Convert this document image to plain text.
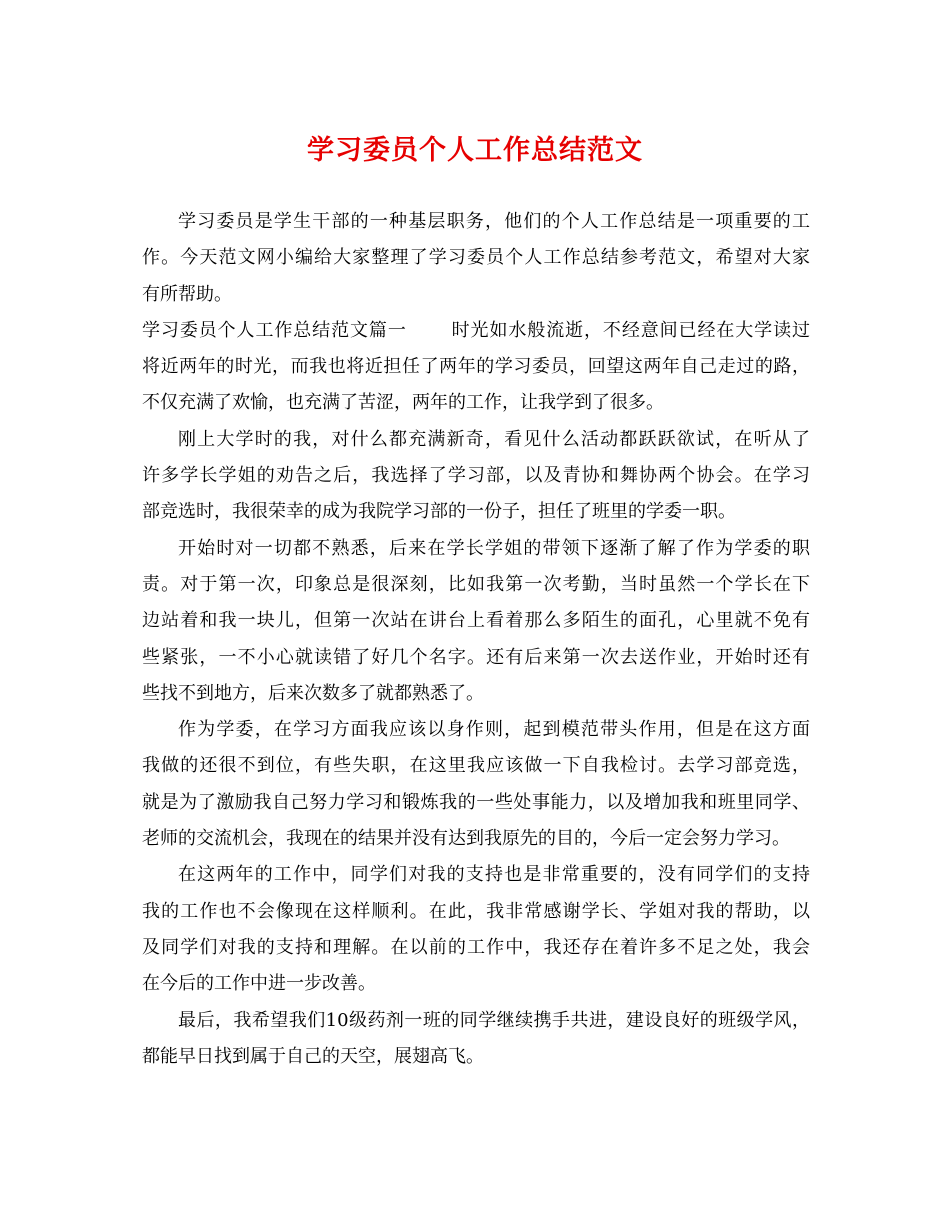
学习委员个人工作总结范文
学习委员是学生干部的一种基层职务，他们的个人工作总结是一项重要的工
作。今天范文网小编给大家整理了学习委员个人工作总结参考范文，希望对大家
有所帮助。
学习委员个人工作总结范文篇一 时光如水般流逝，不经意间已经在大学读过
将近两年的时光，而我也将近担任了两年的学习委员，回望这两年自己走过的路，
不仅充满了欢愉，也充满了苦涩，两年的工作，让我学到了很多。
刚上大学时的我，对什么都充满新奇，看见什么活动都跃跃欲试，在听从了
许多学长学姐的劝告之后，我选择了学习部，以及青协和舞协两个协会。在学习
部竞选时，我很荣幸的成为我院学习部的一份子，担任了班里的学委一职。
开始时对一切都不熟悉，后来在学长学姐的带领下逐渐了解了作为学委的职
责。对于第一次，印象总是很深刻，比如我第一次考勤，当时虽然一个学长在下
边站着和我一块儿，但第一次站在讲台上看着那么多陌生的面孔，心里就不免有
些紧张，一不小心就读错了好几个名字。还有后来第一次去送作业，开始时还有
些找不到地方，后来次数多了就都熟悉了。
作为学委，在学习方面我应该以身作则，起到模范带头作用，但是在这方面
我做的还很不到位，有些失职，在这里我应该做一下自我检讨。去学习部竞选，
就是为了激励我自己努力学习和锻炼我的一些处事能力，以及增加我和班里同学、
老师的交流机会，我现在的结果并没有达到我原先的目的，今后一定会努力学习。
在这两年的工作中，同学们对我的支持也是非常重要的，没有同学们的支持
我的工作也不会像现在这样顺利。在此，我非常感谢学长、学姐对我的帮助，以
及同学们对我的支持和理解。在以前的工作中，我还存在着许多不足之处，我会
在今后的工作中进一步改善。
最后，我希望我们10级药剂一班的同学继续携手共进，建设良好的班级学风，
都能早日找到属于自己的天空，展翅高飞。
